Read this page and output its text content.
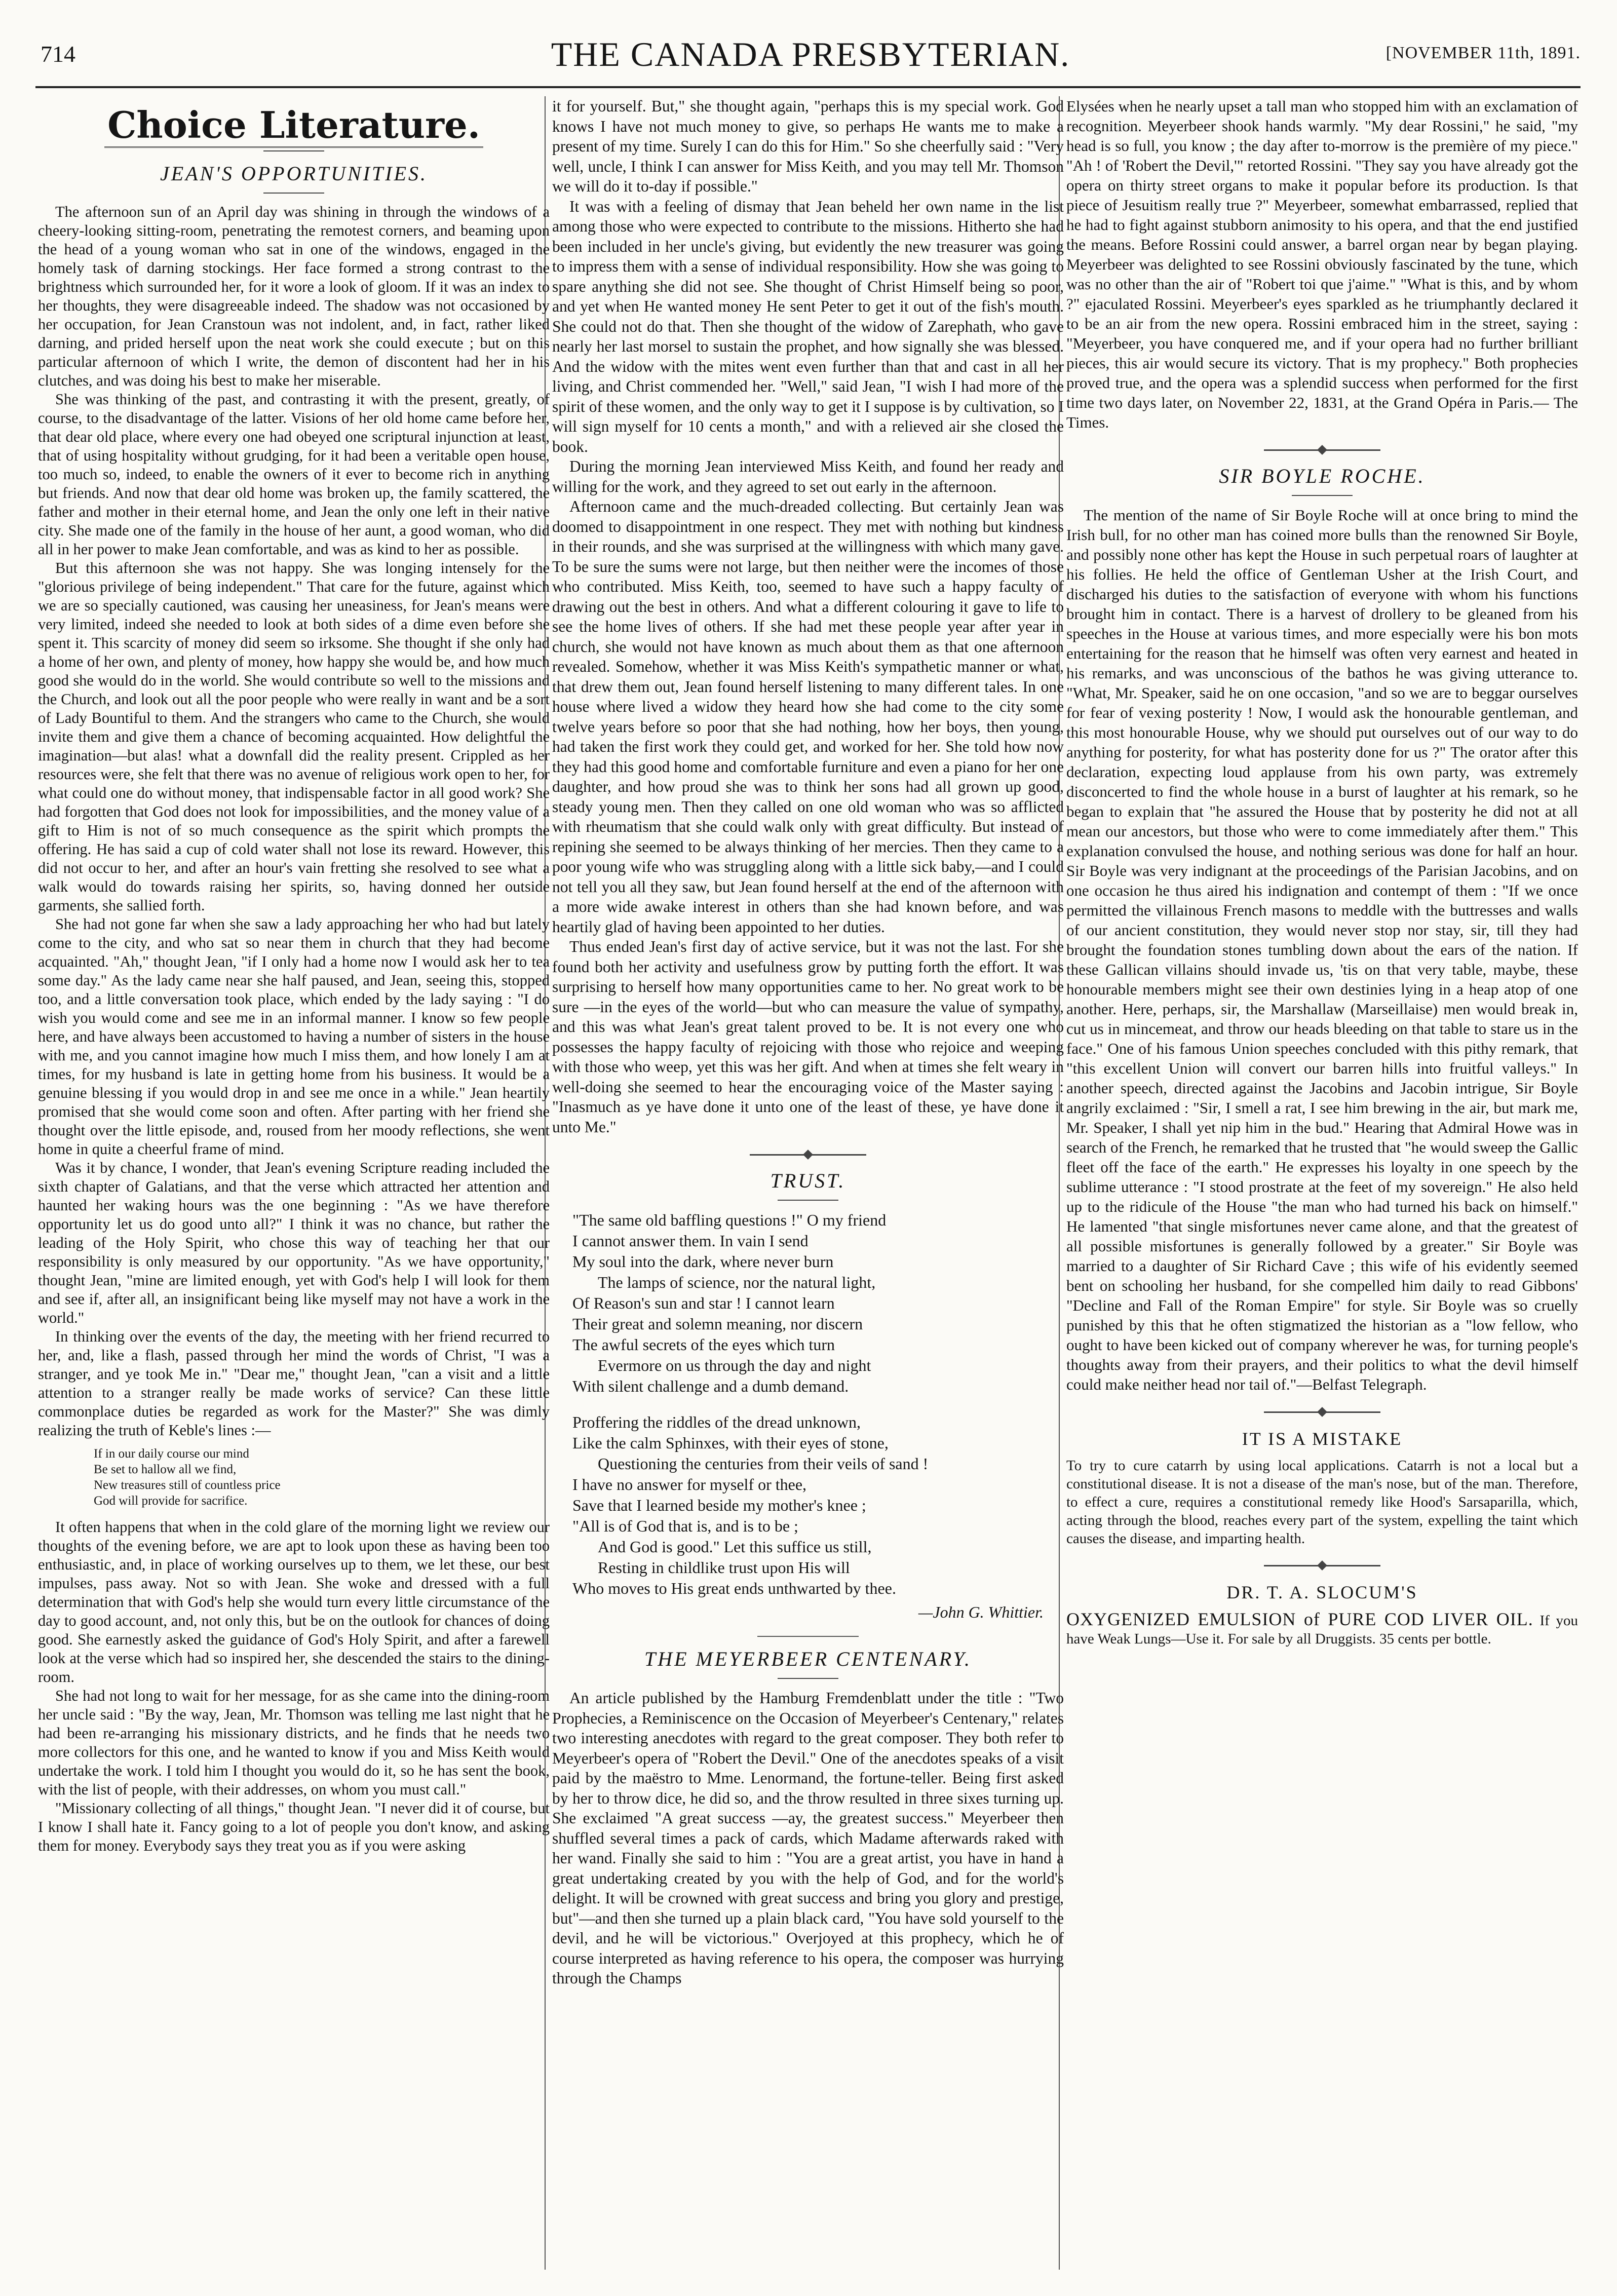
714	THE CANADA PRESBYTERIAN.	[NOVEMBER 11th, 1891.
Choice Literature.
JEAN'S OPPORTUNITIES.

The afternoon sun of an April day was shining in through the windows of a cheery-looking sitting-room, penetrating the remotest corners, and beaming upon the head of a young woman who sat in one of the windows, engaged in the homely task of darning stockings. Her face formed a strong contrast to the brightness which surrounded her, for it wore a look of gloom. If it was an index to her thoughts, they were disagreeable indeed. The shadow was not occasioned by her occupation, for Jean Cranstoun was not indolent, and, in fact, rather liked darning, and prided herself upon the neat work she could execute ; but on this particular afternoon of which I write, the demon of discontent had her in his clutches, and was doing his best to make her miserable.

She was thinking of the past, and contrasting it with the present, greatly, of course, to the disadvantage of the latter. Visions of her old home came before her, that dear old place, where every one had obeyed one scriptural injunction at least, that of using hospitality without grudging, for it had been a veritable open house, too much so, indeed, to enable the owners of it ever to become rich in anything but friends. And now that dear old home was broken up, the family scattered, the father and mother in their eternal home, and Jean the only one left in their native city. She made one of the family in the house of her aunt, a good woman, who did all in her power to make Jean comfortable, and was as kind to her as possible.

But this afternoon she was not happy. She was longing intensely for the "glorious privilege of being independent." That care for the future, against which we are so specially cautioned, was causing her uneasiness, for Jean's means were very limited, indeed she needed to look at both sides of a dime even before she spent it. This scarcity of money did seem so irksome. She thought if she only had a home of her own, and plenty of money, how happy she would be, and how much good she would do in the world. She would contribute so well to the missions and the Church, and look out all the poor people who were really in want and be a sort of Lady Bountiful to them. And the strangers who came to the Church, she would invite them and give them a chance of becoming acquainted. How delightful the imagination—but alas! what a downfall did the reality present. Crippled as her resources were, she felt that there was no avenue of religious work open to her, for what could one do without money, that indispensable factor in all good work? She had forgotten that God does not look for impossibilities, and the money value of a gift to Him is not of so much consequence as the spirit which prompts the offering. He has said a cup of cold water shall not lose its reward. However, this did not occur to her, and after an hour's vain fretting she resolved to see what a walk would do towards raising her spirits, so, having donned her outside garments, she sallied forth.

She had not gone far when she saw a lady approaching her who had but lately come to the city, and who sat so near them in church that they had become acquainted. "Ah," thought Jean, "if I only had a home now I would ask her to tea some day." As the lady came near she half paused, and Jean, seeing this, stopped too, and a little conversation took place, which ended by the lady saying : "I do wish you would come and see me in an informal manner. I know so few people here, and have always been accustomed to having a number of sisters in the house with me, and you cannot imagine how much I miss them, and how lonely I am at times, for my husband is late in getting home from his business. It would be a genuine blessing if you would drop in and see me once in a while." Jean heartily promised that she would come soon and often. After parting with her friend she thought over the little episode, and, roused from her moody reflections, she went home in quite a cheerful frame of mind.

Was it by chance, I wonder, that Jean's evening Scripture reading included the sixth chapter of Galatians, and that the verse which attracted her attention and haunted her waking hours was the one beginning : "As we have therefore opportunity let us do good unto all?" I think it was no chance, but rather the leading of the Holy Spirit, who chose this way of teaching her that our responsibility is only measured by our opportunity. "As we have opportunity," thought Jean, "mine are limited enough, yet with God's help I will look for them and see if, after all, an insignificant being like myself may not have a work in the world."

In thinking over the events of the day, the meeting with her friend recurred to her, and, like a flash, passed through her mind the words of Christ, "I was a stranger, and ye took Me in." "Dear me," thought Jean, "can a visit and a little attention to a stranger really be made works of service? Can these little commonplace duties be regarded as work for the Master?" She was dimly realizing the truth of Keble's lines :—

If in our daily course our mind
Be set to hallow all we find,
New treasures still of countless price
God will provide for sacrifice.

It often happens that when in the cold glare of the morning light we review our thoughts of the evening before, we are apt to look upon these as having been too enthusiastic, and, in place of working ourselves up to them, we let these, our best impulses, pass away. Not so with Jean. She woke and dressed with a full determination that with God's help she would turn every little circumstance of the day to good account, and, not only this, but be on the outlook for chances of doing good. She earnestly asked the guidance of God's Holy Spirit, and after a farewell look at the verse which had so inspired her, she descended the stairs to the dining-room.

She had not long to wait for her message, for as she came into the dining-room her uncle said : "By the way, Jean, Mr. Thomson was telling me last night that he had been re-arranging his missionary districts, and he finds that he needs two more collectors for this one, and he wanted to know if you and Miss Keith would undertake the work. I told him I thought you would do it, so he has sent the book, with the list of people, with their addresses, on whom you must call."

"Missionary collecting of all things," thought Jean. "I never did it of course, but I know I shall hate it. Fancy going to a lot of people you don't know, and asking them for money. Everybody says they treat you as if you were asking

it for yourself. But," she thought again, "perhaps this is my special work. God knows I have not much money to give, so perhaps He wants me to make a present of my time. Surely I can do this for Him." So she cheerfully said : "Very well, uncle, I think I can answer for Miss Keith, and you may tell Mr. Thomson we will do it to-day if possible."

It was with a feeling of dismay that Jean beheld her own name in the list among those who were expected to contribute to the missions. Hitherto she had been included in her uncle's giving, but evidently the new treasurer was going to impress them with a sense of individual responsibility. How she was going to spare anything she did not see. She thought of Christ Himself being so poor, and yet when He wanted money He sent Peter to get it out of the fish's mouth. She could not do that. Then she thought of the widow of Zarephath, who gave nearly her last morsel to sustain the prophet, and how signally she was blessed. And the widow with the mites went even further than that and cast in all her living, and Christ commended her. "Well," said Jean, "I wish I had more of the spirit of these women, and the only way to get it I suppose is by cultivation, so I will sign myself for 10 cents a month," and with a relieved air she closed the book.

During the morning Jean interviewed Miss Keith, and found her ready and willing for the work, and they agreed to set out early in the afternoon.

Afternoon came and the much-dreaded collecting. But certainly Jean was doomed to disappointment in one respect. They met with nothing but kindness in their rounds, and she was surprised at the willingness with which many gave. To be sure the sums were not large, but then neither were the incomes of those who contributed. Miss Keith, too, seemed to have such a happy faculty of drawing out the best in others. And what a different colouring it gave to life to see the home lives of others. If she had met these people year after year in church, she would not have known as much about them as that one afternoon revealed. Somehow, whether it was Miss Keith's sympathetic manner or what, that drew them out, Jean found herself listening to many different tales. In one house where lived a widow they heard how she had come to the city some twelve years before so poor that she had nothing, how her boys, then young, had taken the first work they could get, and worked for her. She told how now they had this good home and comfortable furniture and even a piano for her one daughter, and how proud she was to think her sons had all grown up good, steady young men. Then they called on one old woman who was so afflicted with rheumatism that she could walk only with great difficulty. But instead of repining she seemed to be always thinking of her mercies. Then they came to a poor young wife who was struggling along with a little sick baby,—and I could not tell you all they saw, but Jean found herself at the end of the afternoon with a more wide awake interest in others than she had known before, and was heartily glad of having been appointed to her duties.

Thus ended Jean's first day of active service, but it was not the last. For she found both her activity and usefulness grow by putting forth the effort. It was surprising to herself how many opportunities came to her. No great work to be sure —in the eyes of the world—but who can measure the value of sympathy, and this was what Jean's great talent proved to be. It is not every one who possesses the happy faculty of rejoicing with those who rejoice and weeping with those who weep, yet this was her gift. And when at times she felt weary in well-doing she seemed to hear the encouraging voice of the Master saying : "Inasmuch as ye have done it unto one of the least of these, ye have done it unto Me."

TRUST.
"The same old baffling questions !" O my friend
I cannot answer them. In vain I send
My soul into the dark, where never burn
The lamps of science, nor the natural light,
Of Reason's sun and star ! I cannot learn
Their great and solemn meaning, nor discern
The awful secrets of the eyes which turn
Evermore on us through the day and night
With silent challenge and a dumb demand.
Proffering the riddles of the dread unknown,
Like the calm Sphinxes, with their eyes of stone,
Questioning the centuries from their veils of sand !
I have no answer for myself or thee,
Save that I learned beside my mother's knee ;
"All is of God that is, and is to be ;
And God is good." Let this suffice us still,
Resting in childlike trust upon His will
Who moves to His great ends unthwarted by thee.
—John G. Whittier.
THE MEYERBEER CENTENARY.

An article published by the Hamburg Fremdenblatt under the title : "Two Prophecies, a Reminiscence on the Occasion of Meyerbeer's Centenary," relates two interesting anecdotes with regard to the great composer. They both refer to Meyerbeer's opera of "Robert the Devil." One of the anecdotes speaks of a visit paid by the maëstro to Mme. Lenormand, the fortune-teller. Being first asked by her to throw dice, he did so, and the throw resulted in three sixes turning up. She exclaimed "A great success —ay, the greatest success." Meyerbeer then shuffled several times a pack of cards, which Madame afterwards raked with her wand. Finally she said to him : "You are a great artist, you have in hand a great undertaking created by you with the help of God, and for the world's delight. It will be crowned with great success and bring you glory and prestige, but"—and then she turned up a plain black card, "You have sold yourself to the devil, and he will be victorious." Overjoyed at this prophecy, which he of course interpreted as having reference to his opera, the composer was hurrying through the Champs

Elysées when he nearly upset a tall man who stopped him with an exclamation of recognition. Meyerbeer shook hands warmly. "My dear Rossini," he said, "my head is so full, you know ; the day after to-morrow is the première of my piece." "Ah ! of 'Robert the Devil,'" retorted Rossini. "They say you have already got the opera on thirty street organs to make it popular before its production. Is that piece of Jesuitism really true ?" Meyerbeer, somewhat embarrassed, replied that he had to fight against stubborn animosity to his opera, and that the end justified the means. Before Rossini could answer, a barrel organ near by began playing. Meyerbeer was delighted to see Rossini obviously fascinated by the tune, which was no other than the air of "Robert toi que j'aime." "What is this, and by whom ?" ejaculated Rossini. Meyerbeer's eyes sparkled as he triumphantly declared it to be an air from the new opera. Rossini embraced him in the street, saying : "Meyerbeer, you have conquered me, and if your opera had no further brilliant pieces, this air would secure its victory. That is my prophecy." Both prophecies proved true, and the opera was a splendid success when performed for the first time two days later, on November 22, 1831, at the Grand Opéra in Paris.— The Times.

SIR BOYLE ROCHE.

The mention of the name of Sir Boyle Roche will at once bring to mind the Irish bull, for no other man has coined more bulls than the renowned Sir Boyle, and possibly none other has kept the House in such perpetual roars of laughter at his follies. He held the office of Gentleman Usher at the Irish Court, and discharged his duties to the satisfaction of everyone with whom his functions brought him in contact. There is a harvest of drollery to be gleaned from his speeches in the House at various times, and more especially were his bon mots entertaining for the reason that he himself was often very earnest and heated in his remarks, and was unconscious of the bathos he was giving utterance to. "What, Mr. Speaker, said he on one occasion, "and so we are to beggar ourselves for fear of vexing posterity ! Now, I would ask the honourable gentleman, and this most honourable House, why we should put ourselves out of our way to do anything for posterity, for what has posterity done for us ?" The orator after this declaration, expecting loud applause from his own party, was extremely disconcerted to find the whole house in a burst of laughter at his remark, so he began to explain that "he assured the House that by posterity he did not at all mean our ancestors, but those who were to come immediately after them." This explanation convulsed the house, and nothing serious was done for half an hour. Sir Boyle was very indignant at the proceedings of the Parisian Jacobins, and on one occasion he thus aired his indignation and contempt of them : "If we once permitted the villainous French masons to meddle with the buttresses and walls of our ancient constitution, they would never stop nor stay, sir, till they had brought the foundation stones tumbling down about the ears of the nation. If these Gallican villains should invade us, 'tis on that very table, maybe, these honourable members might see their own destinies lying in a heap atop of one another. Here, perhaps, sir, the Marshallaw (Marseillaise) men would break in, cut us in mincemeat, and throw our heads bleeding on that table to stare us in the face." One of his famous Union speeches concluded with this pithy remark, that "this excellent Union will convert our barren hills into fruitful valleys." In another speech, directed against the Jacobins and Jacobin intrigue, Sir Boyle angrily exclaimed : "Sir, I smell a rat, I see him brewing in the air, but mark me, Mr. Speaker, I shall yet nip him in the bud." Hearing that Admiral Howe was in search of the French, he remarked that he trusted that "he would sweep the Gallic fleet off the face of the earth." He expresses his loyalty in one speech by the sublime utterance : "I stood prostrate at the feet of my sovereign." He also held up to the ridicule of the House "the man who had turned his back on himself." He lamented "that single misfortunes never came alone, and that the greatest of all possible misfortunes is generally followed by a greater." Sir Boyle was married to a daughter of Sir Richard Cave ; this wife of his evidently seemed bent on schooling her husband, for she compelled him daily to read Gibbons' "Decline and Fall of the Roman Empire" for style. Sir Boyle was so cruelly punished by this that he often stigmatized the historian as a "low fellow, who ought to have been kicked out of company wherever he was, for turning people's thoughts away from their prayers, and their politics to what the devil himself could make neither head nor tail of."—Belfast Telegraph.

IT IS A MISTAKE

To try to cure catarrh by using local applications. Catarrh is not a local but a constitutional disease. It is not a disease of the man's nose, but of the man. Therefore, to effect a cure, requires a constitutional remedy like Hood's Sarsaparilla, which, acting through the blood, reaches every part of the system, expelling the taint which causes the disease, and imparting health.

DR. T. A. SLOCUM'S

OXYGENIZED EMULSION of PURE COD LIVER OIL. If you have Weak Lungs—Use it. For sale by all Druggists. 35 cents per bottle.
